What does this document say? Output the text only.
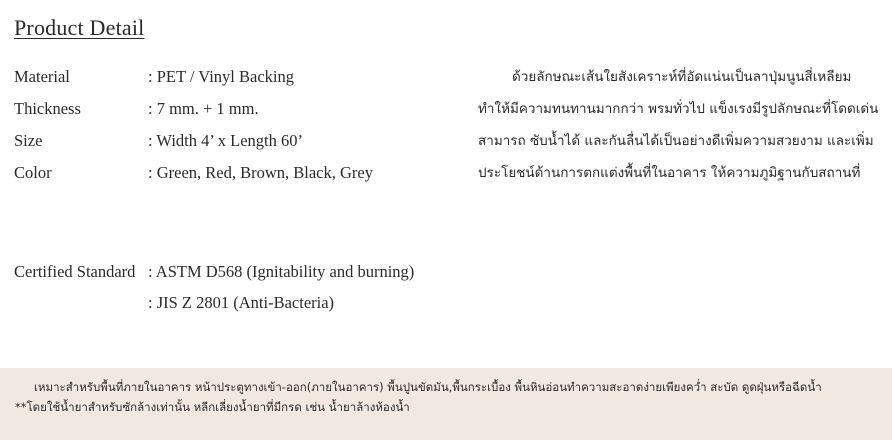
Product Detail
Material	: PET / Vinyl Backing
Thickness	: 7 mm. + 1 mm.
Size	: Width 4’ x Length 60’
Color	: Green, Red, Brown, Black, Grey
Certified Standard : ASTM D568 (Ignitability and burning)
: JIS Z 2801 (Anti-Bacteria)
ด้วยลักษณะเส้นใยสังเคราะห์ที่อัดแน่นเป็นลาปุ่มนูนสี่เหลียม
ทำให้มีความทนทานมากกว่า พรมทั่วไป แข็งเรงมีรูปลักษณะที่โดดเด่น
สามารถ ซับน้ำได้ และกันลื่นได้เป็นอย่างดีเพิ่มความสวยงาม และเพิ่ม
ประโยชน์ด้านการตกแต่งพื้นที่ในอาคาร ให้ความภูมิฐานกับสถานที่
เหมาะสำหรับพื้นที่ภายในอาคาร หน้าประตูทางเข้า-ออก(ภายในอาคาร) พื้นปูนขัดมัน,พื้นกระเบื้อง พื้นหินอ่อนทำความสะอาดง่ายเพียงควํ่า สะบัด ดูดฝุ่นหรือฉีดน้ำ
**โดยใช้น้ำยาสำหรับซักล้างเท่านั้น หลีกเลี่ยงน้ำยาที่มีกรด เช่น น้ำยาล้างห้องน้ำ
